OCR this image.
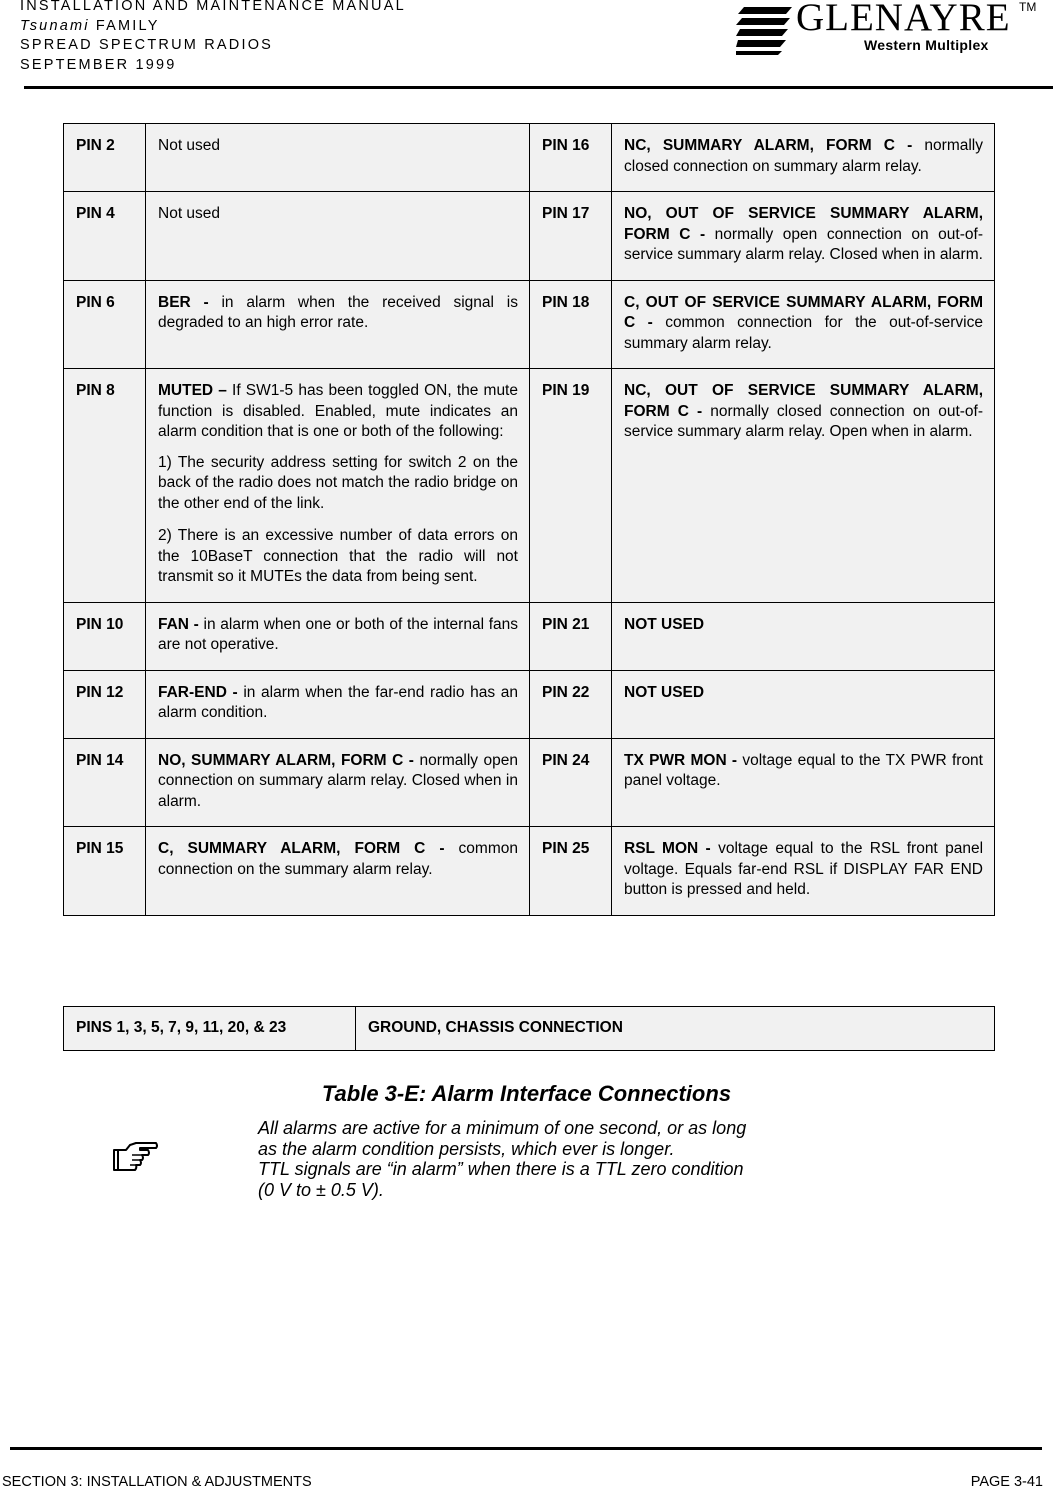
INSTALLATION AND MAINTENANCE MANUAL
Tsunami FAMILY
SPREAD SPECTRUM RADIOS
SEPTEMBER 1999
GLENAYRE TM
Western Multiplex
PIN 2	Not used	PIN 16	NC, SUMMARY ALARM, FORM C - normally closed connection on summary alarm relay.

PIN 4	Not used	PIN 17	NO, OUT OF SERVICE SUMMARY ALARM, FORM C - normally open connection on out-of-service summary alarm relay. Closed when in alarm.

PIN 6	BER - in alarm when the received signal is degraded to an high error rate.	PIN 18	C, OUT OF SERVICE SUMMARY ALARM, FORM C - common connection for the out-of-service summary alarm relay.

PIN 8	MUTED – If SW1-5 has been toggled ON, the mute function is disabled. Enabled, mute indicates an alarm condition that is one or both of the following:

1) The security address setting for switch 2 on the back of the radio does not match the radio bridge on the other end of the link.

2) There is an excessive number of data errors on the 10BaseT connection that the radio will not transmit so it MUTEs the data from being sent.	PIN 19	NC, OUT OF SERVICE SUMMARY ALARM, FORM C - normally closed connection on out-of-service summary alarm relay. Open when in alarm.

PIN 10	FAN - in alarm when one or both of the internal fans are not operative.	PIN 21	NOT USED

PIN 12	FAR-END - in alarm when the far-end radio has an alarm condition.	PIN 22	NOT USED

PIN 14	NO, SUMMARY ALARM, FORM C - normally open connection on summary alarm relay. Closed when in alarm.	PIN 24	TX PWR MON - voltage equal to the TX PWR front panel voltage.

PIN 15	C, SUMMARY ALARM, FORM C - common connection on the summary alarm relay.	PIN 25	RSL MON - voltage equal to the RSL front panel voltage. Equals far-end RSL if DISPLAY FAR END button is pressed and held.

PINS 1, 3, 5, 7, 9, 11, 20, & 23	GROUND, CHASSIS CONNECTION
Table 3-E: Alarm Interface Connections
All alarms are active for a minimum of one second, or as long
as the alarm condition persists, which ever is longer.
TTL signals are “in alarm” when there is a TTL zero condition
(0 V to ± 0.5 V).
SECTION 3: INSTALLATION & ADJUSTMENTS	PAGE 3-41
